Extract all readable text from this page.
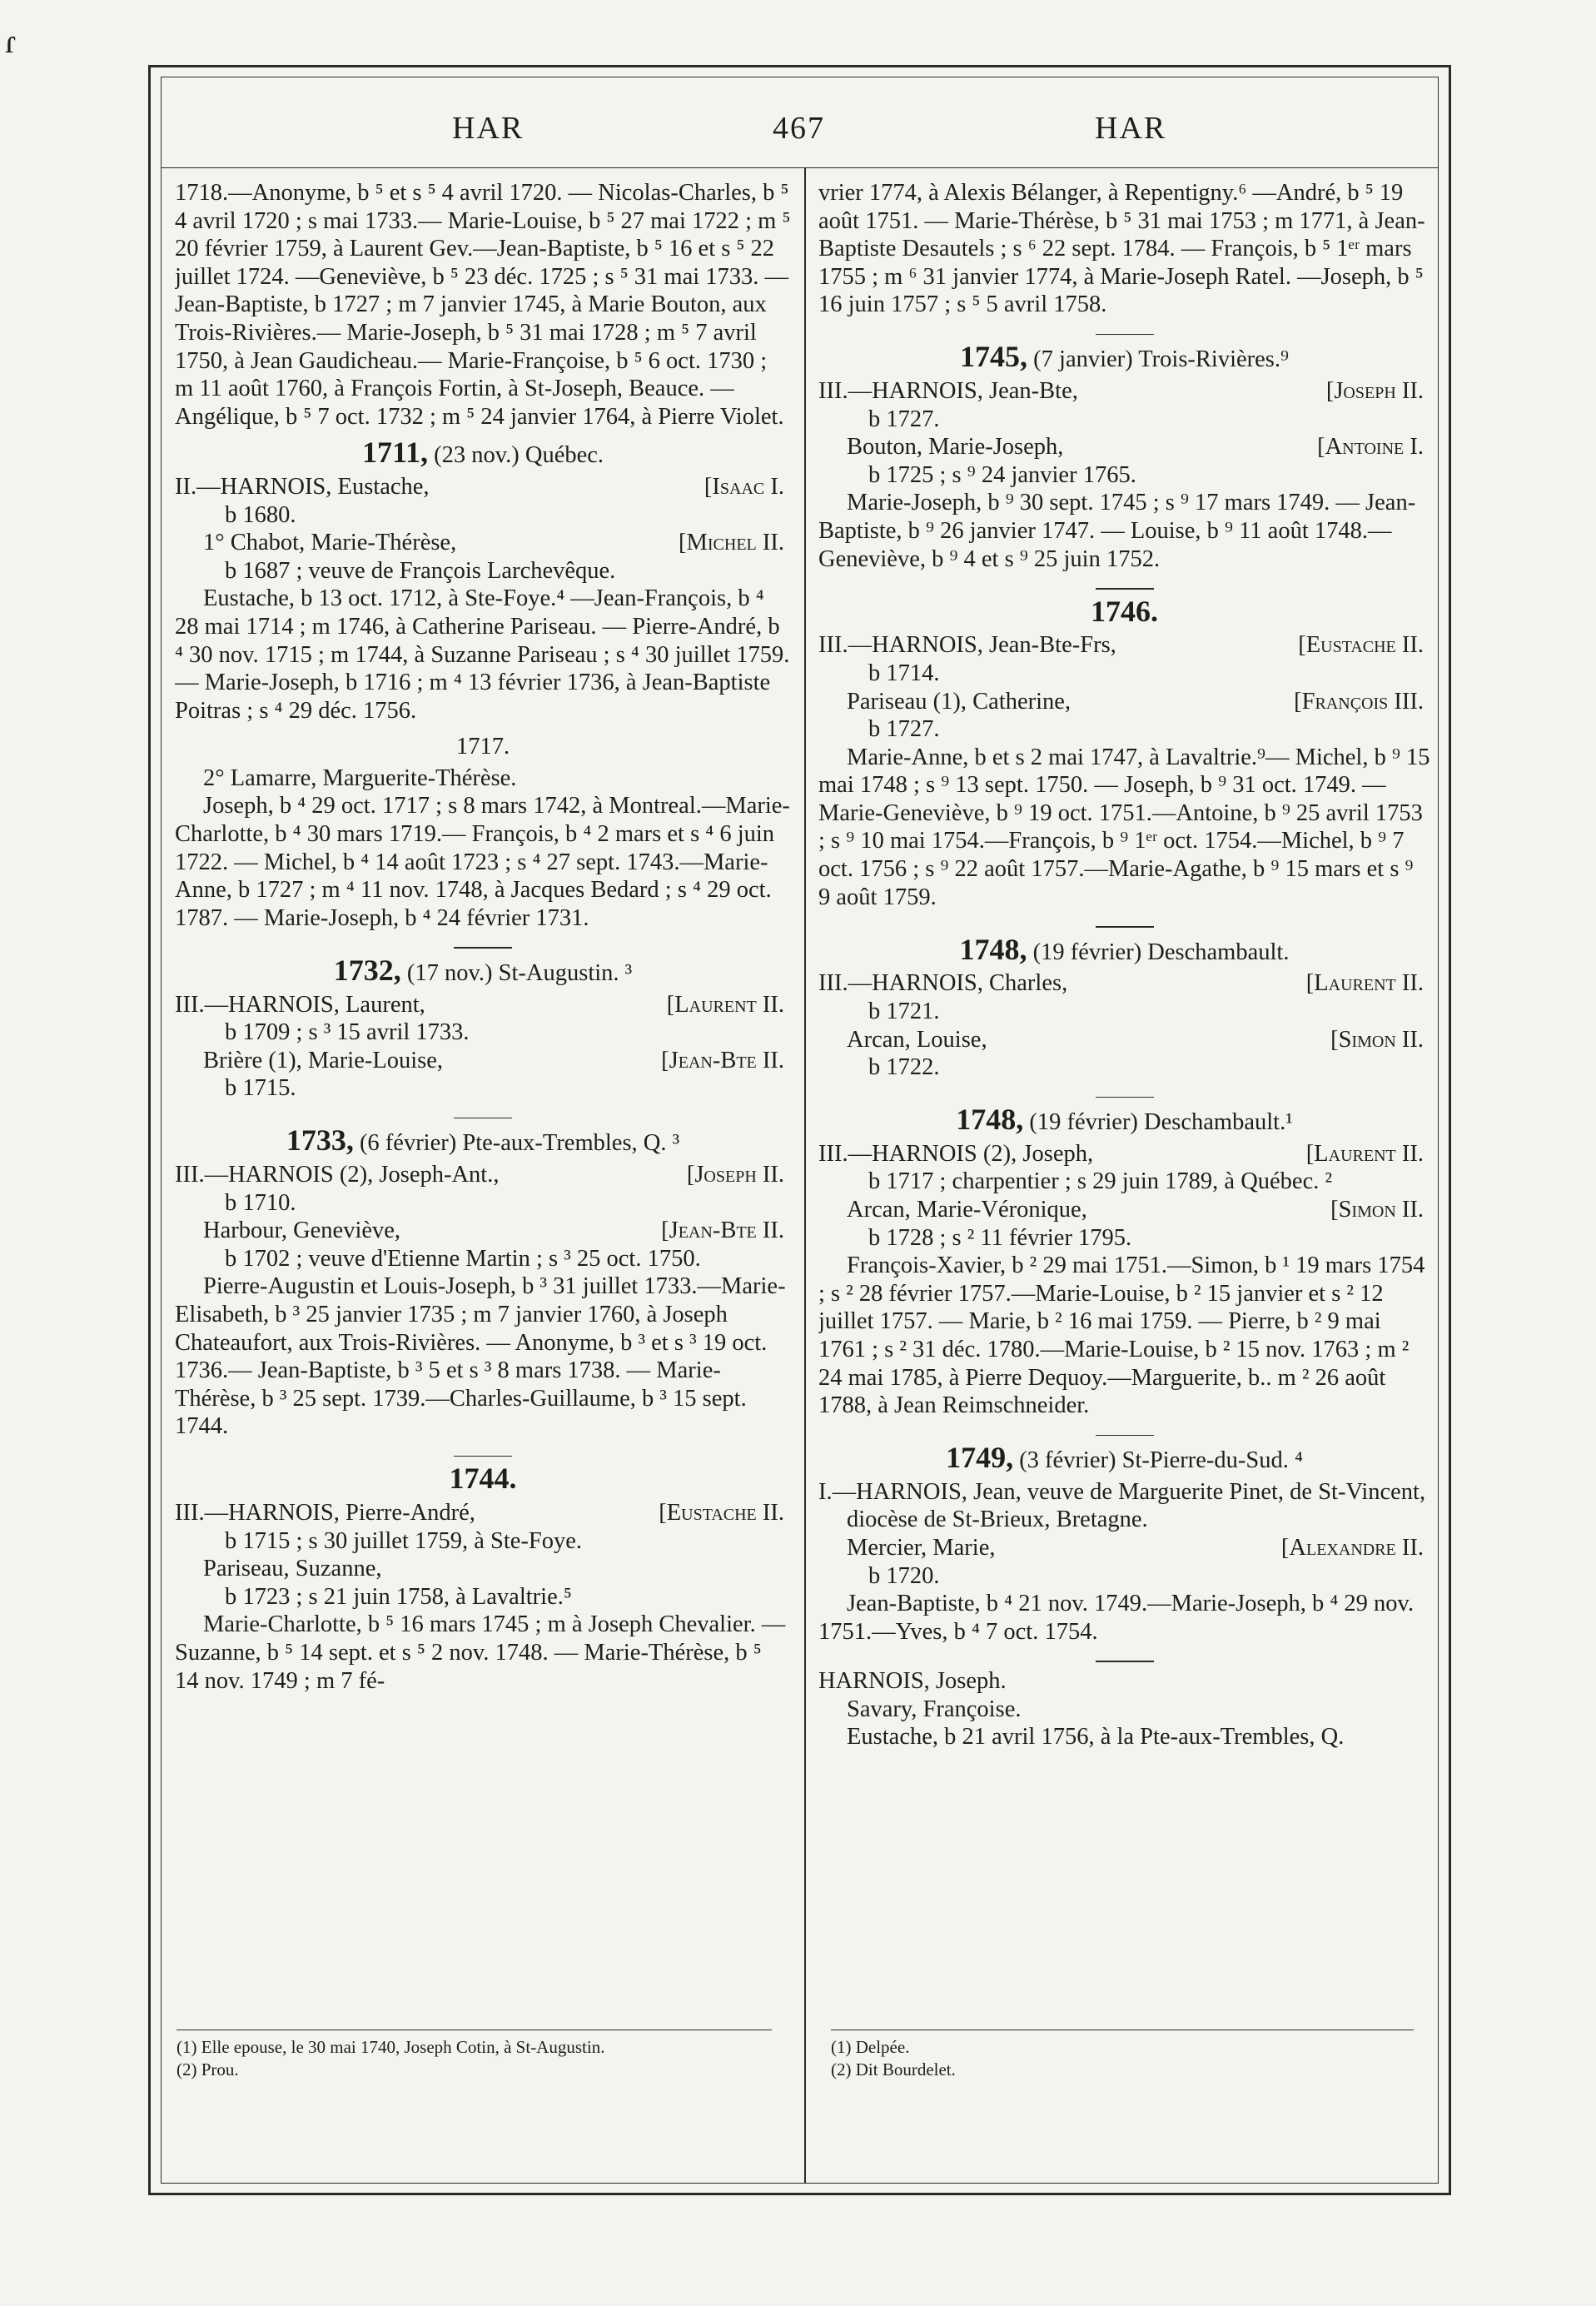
ɾ
HAR	467	HAR

1718.—Anonyme, b ⁵ et s ⁵ 4 avril 1720. — Nicolas-Charles, b ⁵ 4 avril 1720 ; s mai 1733.— Marie-Louise, b ⁵ 27 mai 1722 ; m ⁵ 20 février 1759, à Laurent Gev.—Jean-Baptiste, b ⁵ 16 et s ⁵ 22 juillet 1724. —Geneviève, b ⁵ 23 déc. 1725 ; s ⁵ 31 mai 1733. — Jean-Baptiste, b 1727 ; m 7 janvier 1745, à Marie Bouton, aux Trois-Rivières.— Marie-Joseph, b ⁵ 31 mai 1728 ; m ⁵ 7 avril 1750, à Jean Gaudicheau.— Marie-Françoise, b ⁵ 6 oct. 1730 ; m 11 août 1760, à François Fortin, à St-Joseph, Beauce. — Angélique, b ⁵ 7 oct. 1732 ; m ⁵ 24 janvier 1764, à Pierre Violet.

1711, (23 nov.) Québec.
II.—HARNOIS, Eustache,	[Isaac I.

b 1680.

1° Chabot, Marie-Thérèse,	[Michel II.

b 1687 ; veuve de François Larchevêque.

Eustache, b 13 oct. 1712, à Ste-Foye.⁴ —Jean-François, b ⁴ 28 mai 1714 ; m 1746, à Catherine Pariseau. — Pierre-André, b ⁴ 30 nov. 1715 ; m 1744, à Suzanne Pariseau ; s ⁴ 30 juillet 1759.— Marie-Joseph, b 1716 ; m ⁴ 13 février 1736, à Jean-Baptiste Poitras ; s ⁴ 29 déc. 1756.

1717.

2° Lamarre, Marguerite-Thérèse.

Joseph, b ⁴ 29 oct. 1717 ; s 8 mars 1742, à Montreal.—Marie-Charlotte, b ⁴ 30 mars 1719.— François, b ⁴ 2 mars et s ⁴ 6 juin 1722. — Michel, b ⁴ 14 août 1723 ; s ⁴ 27 sept. 1743.—Marie-Anne, b 1727 ; m ⁴ 11 nov. 1748, à Jacques Bedard ; s ⁴ 29 oct. 1787. — Marie-Joseph, b ⁴ 24 février 1731.

1732, (17 nov.) St-Augustin. ³
III.—HARNOIS, Laurent,	[Laurent II.

b 1709 ; s ³ 15 avril 1733.

Brière (1), Marie-Louise,	[Jean-Bte II.

b 1715.

1733, (6 février) Pte-aux-Trembles, Q. ³
III.—HARNOIS (2), Joseph-Ant.,	[Joseph II.

b 1710.

Harbour, Geneviève,	[Jean-Bte II.

b 1702 ; veuve d'Etienne Martin ; s ³ 25 oct. 1750.

Pierre-Augustin et Louis-Joseph, b ³ 31 juillet 1733.—Marie-Elisabeth, b ³ 25 janvier 1735 ; m 7 janvier 1760, à Joseph Chateaufort, aux Trois-Rivières. — Anonyme, b ³ et s ³ 19 oct. 1736.— Jean-Baptiste, b ³ 5 et s ³ 8 mars 1738. — Marie-Thérèse, b ³ 25 sept. 1739.—Charles-Guillaume, b ³ 15 sept. 1744.

1744.
III.—HARNOIS, Pierre-André,	[Eustache II.

b 1715 ; s 30 juillet 1759, à Ste-Foye.

Pariseau, Suzanne,

b 1723 ; s 21 juin 1758, à Lavaltrie.⁵

Marie-Charlotte, b ⁵ 16 mars 1745 ; m à Joseph Chevalier. — Suzanne, b ⁵ 14 sept. et s ⁵ 2 nov. 1748. — Marie-Thérèse, b ⁵ 14 nov. 1749 ; m 7 fé-

vrier 1774, à Alexis Bélanger, à Repentigny.⁶ —André, b ⁵ 19 août 1751. — Marie-Thérèse, b ⁵ 31 mai 1753 ; m 1771, à Jean-Baptiste Desautels ; s ⁶ 22 sept. 1784. — François, b ⁵ 1ᵉʳ mars 1755 ; m ⁶ 31 janvier 1774, à Marie-Joseph Ratel. —Joseph, b ⁵ 16 juin 1757 ; s ⁵ 5 avril 1758.

1745, (7 janvier) Trois-Rivières.⁹
III.—HARNOIS, Jean-Bte,	[Joseph II.

b 1727.

Bouton, Marie-Joseph,	[Antoine I.

b 1725 ; s ⁹ 24 janvier 1765.

Marie-Joseph, b ⁹ 30 sept. 1745 ; s ⁹ 17 mars 1749. — Jean-Baptiste, b ⁹ 26 janvier 1747. — Louise, b ⁹ 11 août 1748.—Geneviève, b ⁹ 4 et s ⁹ 25 juin 1752.

1746.
III.—HARNOIS, Jean-Bte-Frs,	[Eustache II.

b 1714.

Pariseau (1), Catherine,	[François III.

b 1727.

Marie-Anne, b et s 2 mai 1747, à Lavaltrie.⁹— Michel, b ⁹ 15 mai 1748 ; s ⁹ 13 sept. 1750. — Joseph, b ⁹ 31 oct. 1749. — Marie-Geneviève, b ⁹ 19 oct. 1751.—Antoine, b ⁹ 25 avril 1753 ; s ⁹ 10 mai 1754.—François, b ⁹ 1ᵉʳ oct. 1754.—Michel, b ⁹ 7 oct. 1756 ; s ⁹ 22 août 1757.—Marie-Agathe, b ⁹ 15 mars et s ⁹ 9 août 1759.

1748, (19 février) Deschambault.
III.—HARNOIS, Charles,	[Laurent II.

b 1721.

Arcan, Louise,	[Simon II.

b 1722.

1748, (19 février) Deschambault.¹
III.—HARNOIS (2), Joseph,	[Laurent II.

b 1717 ; charpentier ; s 29 juin 1789, à Québec. ²

Arcan, Marie-Véronique,	[Simon II.

b 1728 ; s ² 11 février 1795.

François-Xavier, b ² 29 mai 1751.—Simon, b ¹ 19 mars 1754 ; s ² 28 février 1757.—Marie-Louise, b ² 15 janvier et s ² 12 juillet 1757. — Marie, b ² 16 mai 1759. — Pierre, b ² 9 mai 1761 ; s ² 31 déc. 1780.—Marie-Louise, b ² 15 nov. 1763 ; m ² 24 mai 1785, à Pierre Dequoy.—Marguerite, b.. m ² 26 août 1788, à Jean Reimschneider.

1749, (3 février) St-Pierre-du-Sud. ⁴

I.—HARNOIS, Jean, veuve de Marguerite Pinet, de St-Vincent, diocèse de St-Brieux, Bretagne.

Mercier, Marie,	[Alexandre II.

b 1720.

Jean-Baptiste, b ⁴ 21 nov. 1749.—Marie-Joseph, b ⁴ 29 nov. 1751.—Yves, b ⁴ 7 oct. 1754.

HARNOIS, Joseph.

Savary, Françoise.

Eustache, b 21 avril 1756, à la Pte-aux-Trembles, Q.

(1) Elle epouse, le 30 mai 1740, Joseph Cotin, à St-Augustin.
(2) Prou.
(1) Delpée.
(2) Dit Bourdelet.
